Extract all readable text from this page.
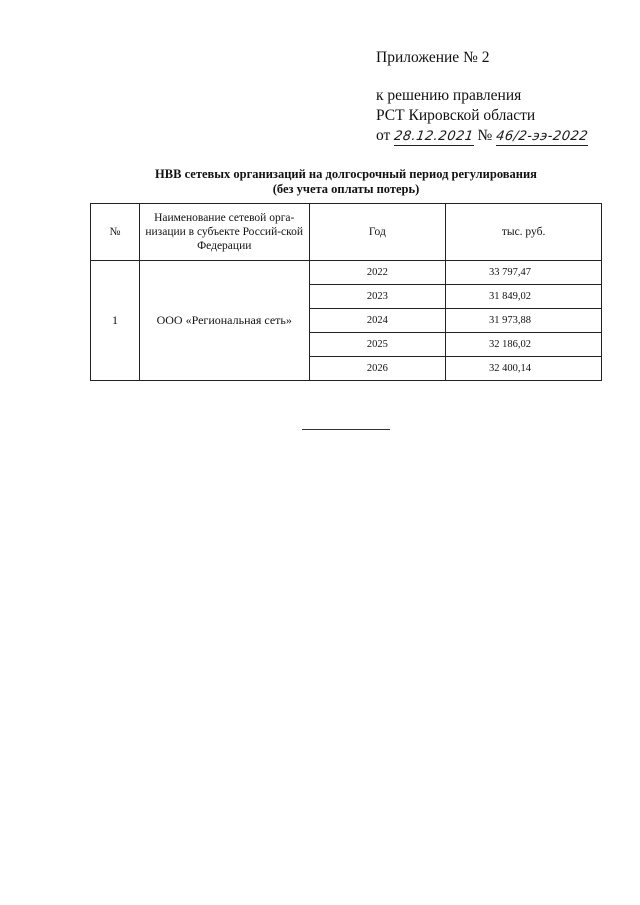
Приложение № 2
к решению правления
РСТ Кировской области
от 28.12.2021 № 46/2-ээ-2022
НВВ сетевых организаций на долгосрочный период регулирования
(без учета оплаты потерь)
№	Наименование сетевой орга-низации в субъекте Россий-ской Федерации	Год	тыс. руб.
1	ООО «Региональная сеть»	2022	33 797,47
		2023	31 849,02
		2024	31 973,88
		2025	32 186,02
		2026	32 400,14
